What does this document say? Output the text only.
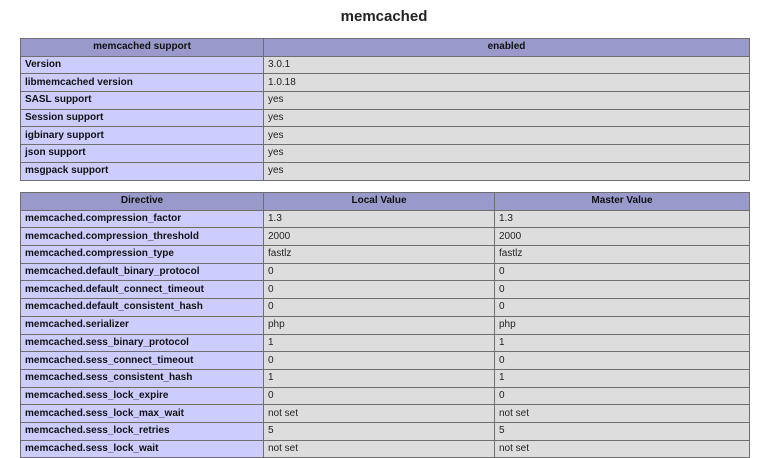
memcached
memcached support	enabled
Version	3.0.1
libmemcached version	1.0.18
SASL support	yes
Session support	yes
igbinary support	yes
json support	yes
msgpack support	yes
Directive	Local Value	Master Value
memcached.compression_factor	1.3	1.3
memcached.compression_threshold	2000	2000
memcached.compression_type	fastlz	fastlz
memcached.default_binary_protocol	0	0
memcached.default_connect_timeout	0	0
memcached.default_consistent_hash	0	0
memcached.serializer	php	php
memcached.sess_binary_protocol	1	1
memcached.sess_connect_timeout	0	0
memcached.sess_consistent_hash	1	1
memcached.sess_lock_expire	0	0
memcached.sess_lock_max_wait	not set	not set
memcached.sess_lock_retries	5	5
memcached.sess_lock_wait	not set	not set
